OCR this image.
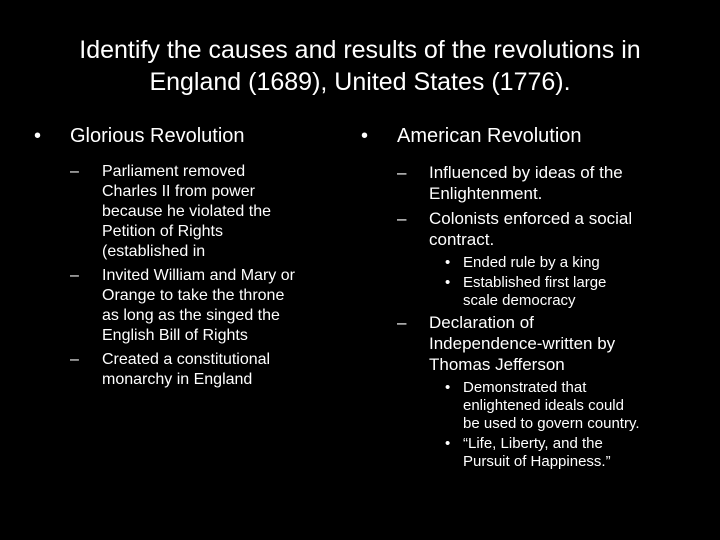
Identify the causes and results of the revolutions in
England (1689), United States (1776).
• Glorious Revolution
– Parliament removed
Charles II from power
because he violated the
Petition of Rights
(established in
– Invited William and Mary or
Orange to take the throne
as long as the singed the
English Bill of Rights
– Created a constitutional
monarchy in England
• American Revolution
– Influenced by ideas of the
Enlightenment.
– Colonists enforced a social
contract.
• Ended rule by a king
• Established first large
scale democracy
– Declaration of
Independence-written by
Thomas Jefferson
• Demonstrated that
enlightened ideals could
be used to govern country.
• “Life, Liberty, and the
Pursuit of Happiness.”
